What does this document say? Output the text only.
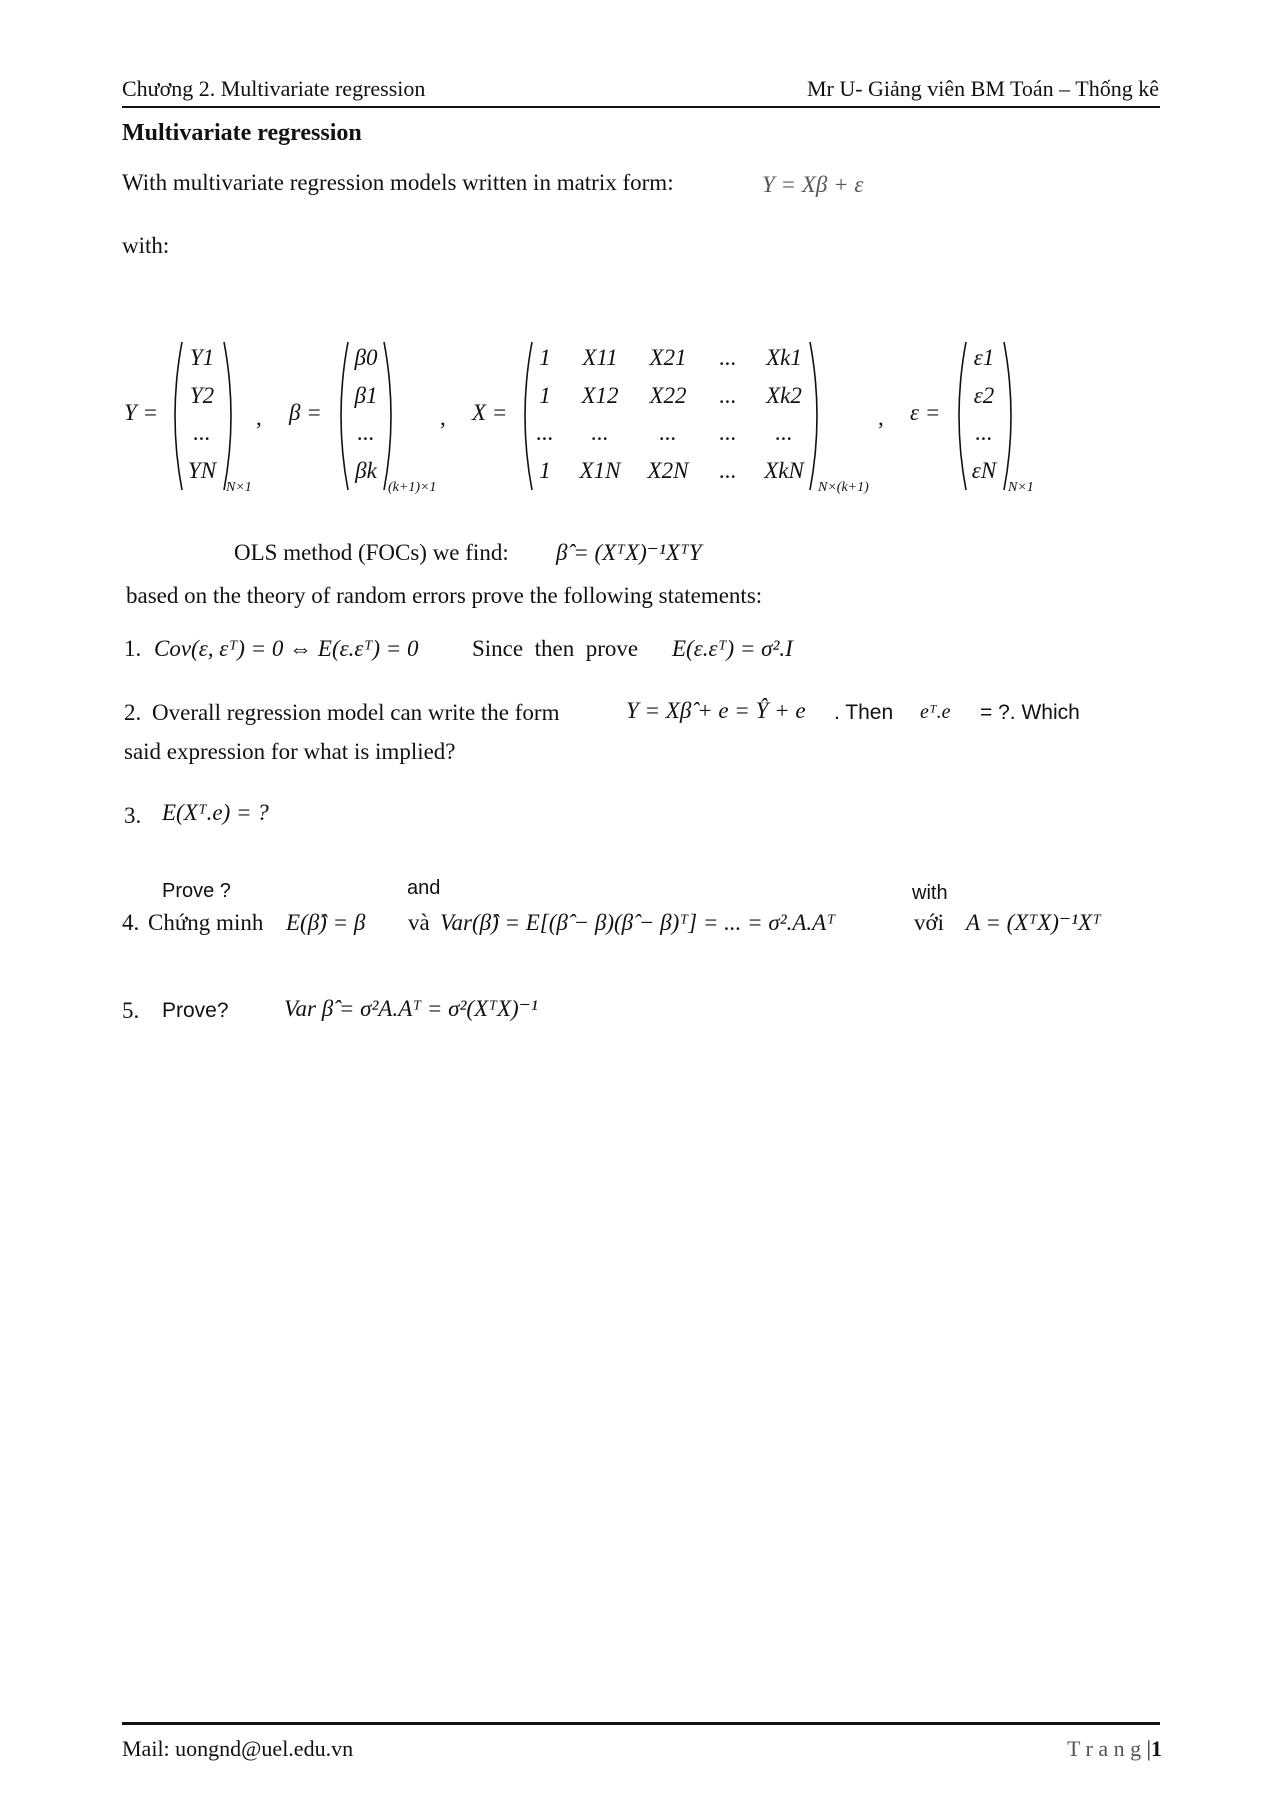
Chương 2. Multivariate regression	Mr U- Giảng viên BM Toán – Thống kê
Multivariate regression
With multivariate regression models written in matrix form:	Y = Xβ + ε
with:
Y =
Y1
Y2
...
YN
N×1
, β =
β0
β1
...
βk
(k+1)×1
, X =
1	X11	X21	...	Xk1
1	X12	X22	...	Xk2
...	...	...	...	...
1	X1N	X2N	...	XkN
N×(k+1)
, ε =
ε1
ε2
...
εN
N×1
OLS method (FOCs) we find: β̂ = (XᵀX)⁻¹XᵀY
based on the theory of random errors prove the following statements:
1. Cov(ε, εᵀ) = 0 ⇔ E(ε.εᵀ) = 0 Since  then  prove E(ε.εᵀ) = σ².I
2. Overall regression model can write the form	Y = Xβ̂ + e = Ŷ + e . Then eᵀ.e = ?. Which
said expression for what is implied?
3. E(Xᵀ.e) = ?
Prove ?	and	with
4. Chứng minh E(β̂) = β và Var(β̂) = E[(β̂ − β)(β̂ − β)ᵀ] = ... = σ².A.Aᵀ	với A = (XᵀX)⁻¹Xᵀ
5. Prove? Var β̂ = σ²A.Aᵀ = σ²(XᵀX)⁻¹
Mail: uongnd@uel.edu.vn	T r a n g |1
